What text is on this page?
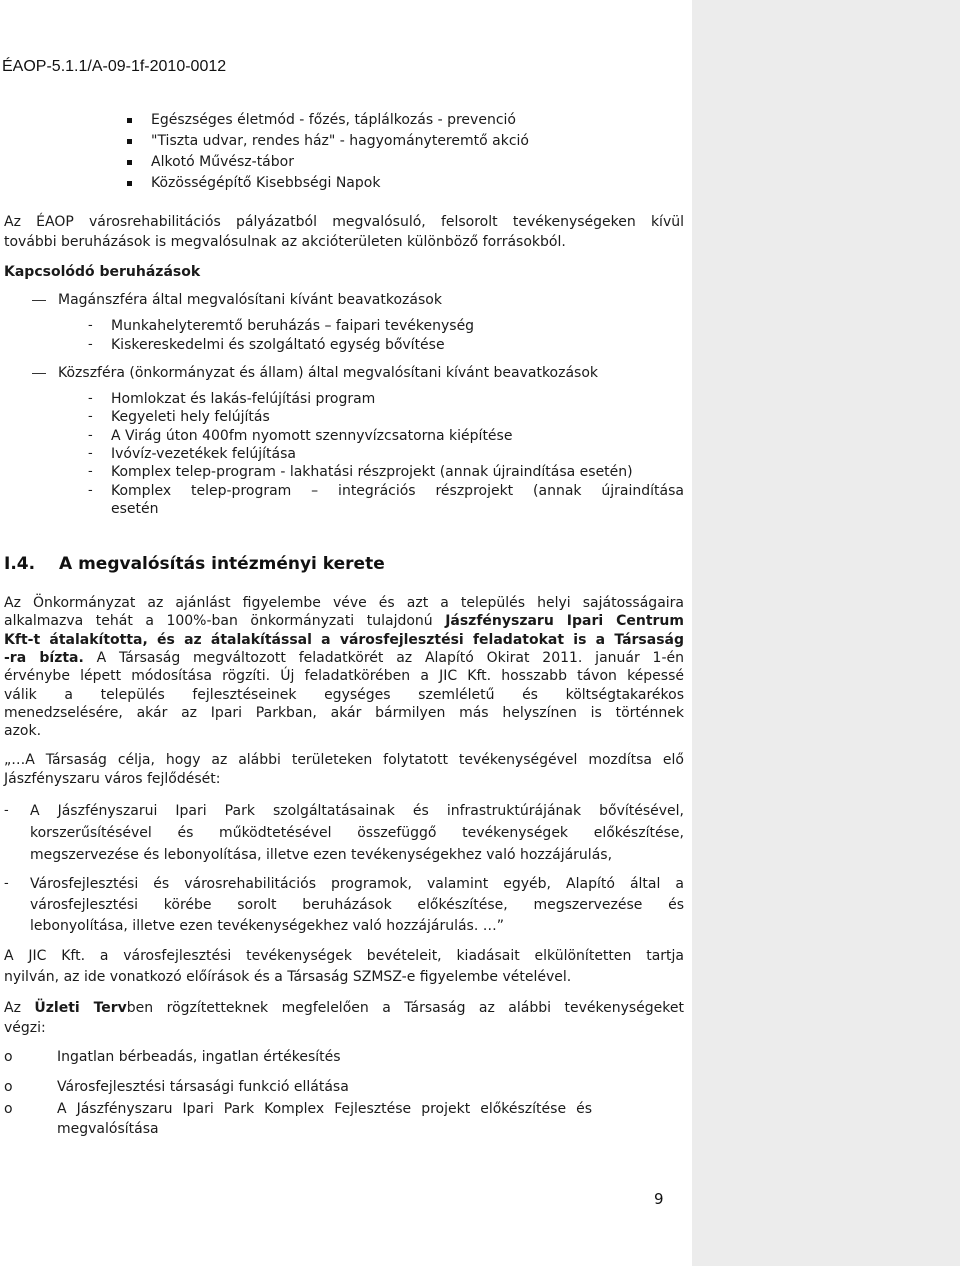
ÉAOP-5.1.1/A-09-1f-2010-0012
Egészséges életmód - főzés, táplálkozás - prevenció
"Tiszta udvar, rendes ház" - hagyományteremtő akció
Alkotó Művész-tábor
Közösségépítő Kisebbségi Napok
Az ÉAOP városrehabilitációs pályázatból megvalósuló, felsorolt tevékenységeken kívül
további beruházások is megvalósulnak az akcióterületen különböző forrásokból.
Kapcsolódó beruházások
Magánszféra által megvalósítani kívánt beavatkozások
- Munkahelyteremtő beruházás – faipari tevékenység
- Kiskereskedelmi és szolgáltató egység bővítése
Közszféra (önkormányzat és állam) által megvalósítani kívánt beavatkozások
- Homlokzat és lakás-felújítási program
- Kegyeleti hely felújítás
- A Virág úton 400fm nyomott szennyvízcsatorna kiépítése
- Ivóvíz-vezetékek felújítása
- Komplex telep-program - lakhatási részprojekt (annak újraindítása esetén)
- Komplex telep-program – integrációs részprojekt (annak újraindítása
esetén
I.4. A megvalósítás intézményi kerete
Az Önkormányzat az ajánlást figyelembe véve és azt a település helyi sajátosságaira
alkalmazva tehát a 100%-ban önkormányzati tulajdonú Jászfényszaru Ipari Centrum
Kft-t átalakította, és az átalakítással a városfejlesztési feladatokat is a Társaság
-ra bízta. A Társaság megváltozott feladatkörét az Alapító Okirat 2011. január 1-én
érvénybe lépett módosítása rögzíti. Új feladatkörében a JIC Kft. hosszabb távon képessé
válik a település fejlesztéseinek egységes szemléletű és költségtakarékos
menedzselésére, akár az Ipari Parkban, akár bármilyen más helyszínen is történnek
azok.
„…A Társaság célja, hogy az alábbi területeken folytatott tevékenységével mozdítsa elő
Jászfényszaru város fejlődését:
- A Jászfényszarui Ipari Park szolgáltatásainak és infrastruktúrájának bővítésével,
korszerűsítésével és működtetésével összefüggő tevékenységek előkészítése,
megszervezése és lebonyolítása, illetve ezen tevékenységekhez való hozzájárulás,
- Városfejlesztési és városrehabilitációs programok, valamint egyéb, Alapító által a
városfejlesztési körébe sorolt beruházások előkészítése, megszervezése és
lebonyolítása, illetve ezen tevékenységekhez való hozzájárulás. …”
A JIC Kft. a városfejlesztési tevékenységek bevételeit, kiadásait elkülönítetten tartja
nyilván, az ide vonatkozó előírások és a Társaság SZMSZ-e figyelembe vételével.
Az Üzleti Tervben rögzítetteknek megfelelően a Társaság az alábbi tevékenységeket
végzi:
o	Ingatlan bérbeadás, ingatlan értékesítés
o	Városfejlesztési társasági funkció ellátása
o	A Jászfényszaru Ipari Park Komplex Fejlesztése projekt előkészítése és
megvalósítása
9
